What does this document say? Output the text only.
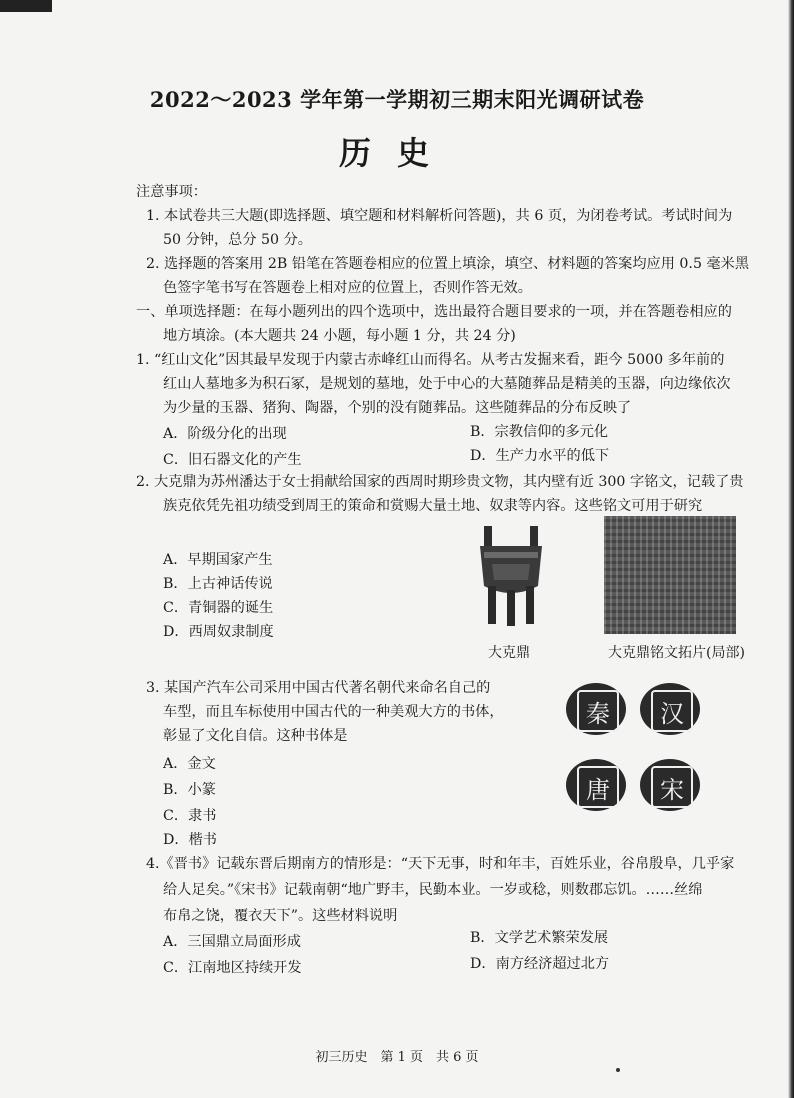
2022～2023 学年第一学期初三期末阳光调研试卷
历史
注意事项：
1. 本试卷共三大题(即选择题、填空题和材料解析问答题)，共 6 页，为闭卷考试。考试时间为
50 分钟，总分 50 分。
2. 选择题的答案用 2B 铅笔在答题卷相应的位置上填涂，填空、材料题的答案均应用 0.5 毫米黑
色签字笔书写在答题卷上相对应的位置上，否则作答无效。
一、单项选择题：在每小题列出的四个选项中，选出最符合题目要求的一项，并在答题卷相应的
地方填涂。(本大题共 24 小题，每小题 1 分，共 24 分)
1. “红山文化”因其最早发现于内蒙古赤峰红山而得名。从考古发掘来看，距今 5000 多年前的
红山人墓地多为积石冢，是规划的墓地，处于中心的大墓随葬品是精美的玉器，向边缘依次
为少量的玉器、猪狗、陶器，个别的没有随葬品。这些随葬品的分布反映了
A．阶级分化的出现	B．宗教信仰的多元化
C．旧石器文化的产生	D．生产力水平的低下
2. 大克鼎为苏州潘达于女士捐献给国家的西周时期珍贵文物，其内壁有近 300 字铭文，记载了贵
族克依凭先祖功绩受到周王的策命和赏赐大量土地、奴隶等内容。这些铭文可用于研究
A．早期国家产生
B．上古神话传说
C．青铜器的诞生
D．西周奴隶制度
大克鼎	大克鼎铭文拓片(局部)
3. 某国产汽车公司采用中国古代著名朝代来命名自己的
车型，而且车标使用中国古代的一种美观大方的书体，
彰显了文化自信。这种书体是
A．金文
B．小篆
C．隶书
D．楷书
秦 汉
唐 宋
4.《晋书》记载东晋后期南方的情形是：“天下无事，时和年丰，百姓乐业，谷帛殷阜，几乎家
给人足矣。”《宋书》记载南朝“地广野丰，民勤本业。一岁或稔，则数郡忘饥。……丝绵
布帛之饶，覆衣天下”。这些材料说明
A．三国鼎立局面形成	B．文学艺术繁荣发展
C．江南地区持续开发	D．南方经济超过北方
初三历史　第 1 页　共 6 页
